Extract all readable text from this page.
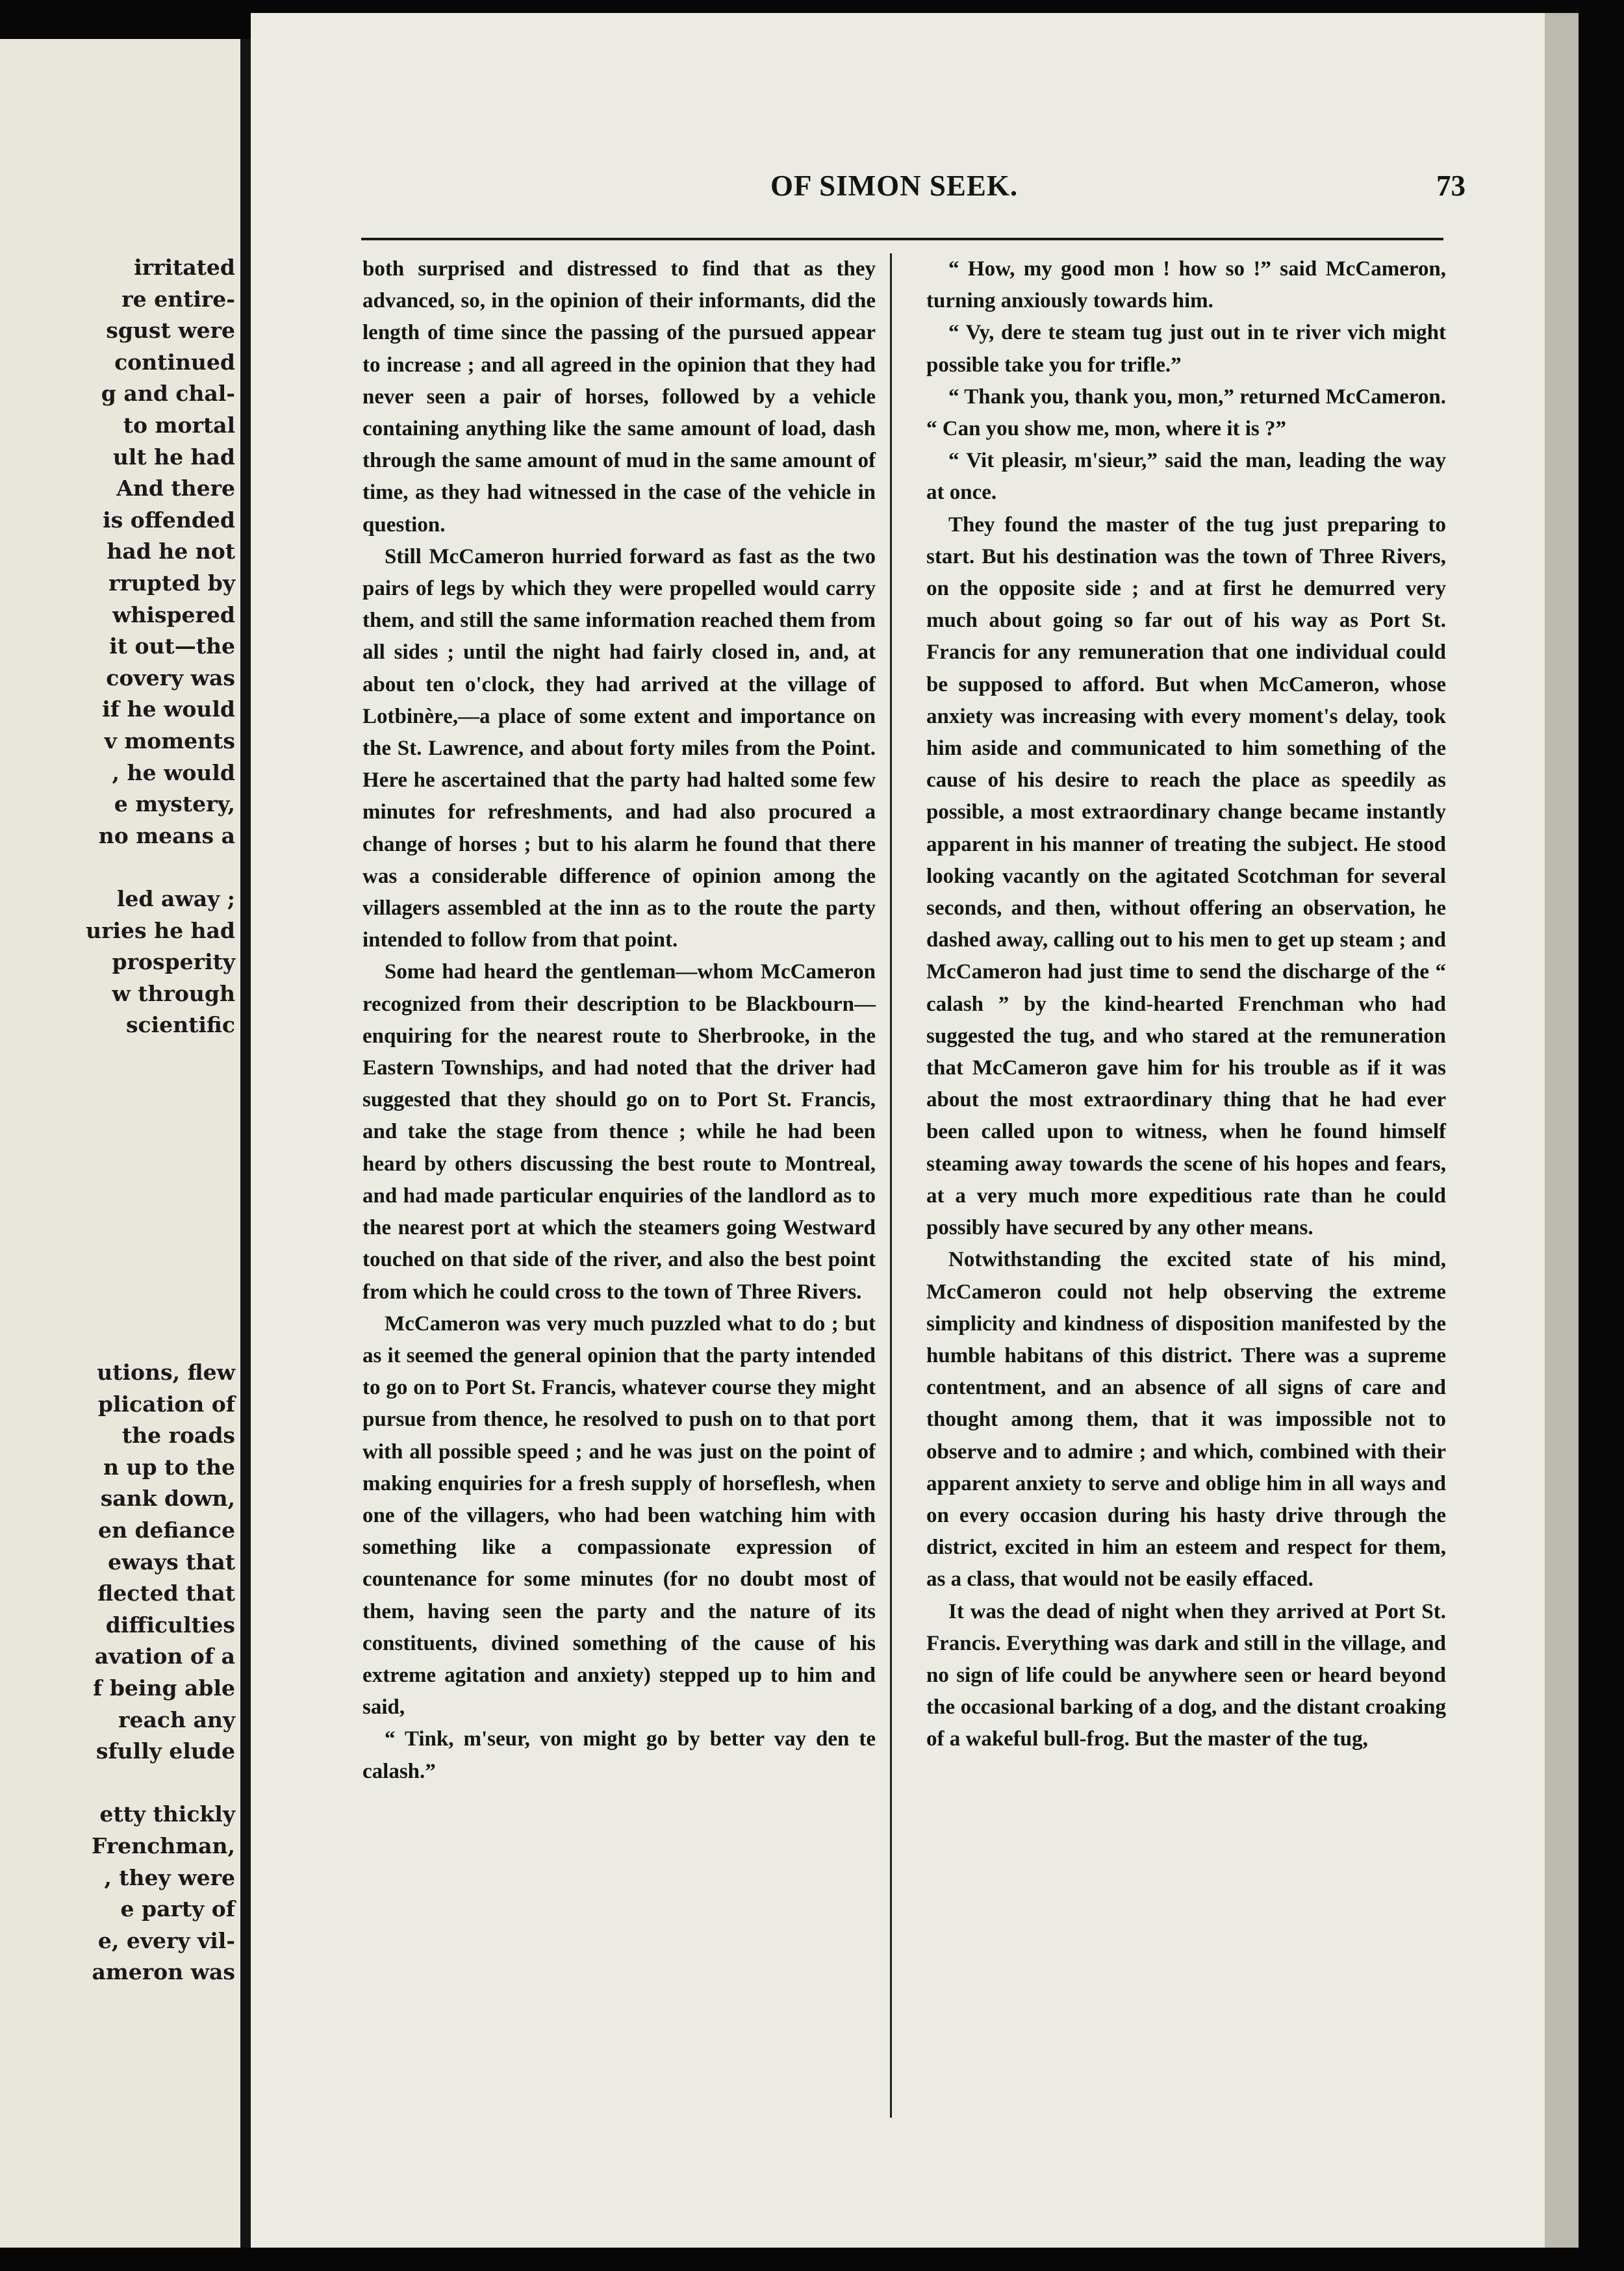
irritated

re entire-

sgust were

continued

g and chal-

to mortal

ult he had

And there

is offended

had he not

rrupted by

whispered

it out—the

covery was

if he would

v moments

, he would

e mystery,

no means a

led away ;

uries he had

prosperity

w through

scientific

utions, flew

plication of

the roads

n up to the

sank down,

en defiance

eways that

flected that

difficulties

avation of a

f being able

reach any

sfully elude

etty thickly

Frenchman,

, they were

e party of

e, every vil-

ameron was

OF SIMON SEEK.	73

both surprised and distressed to find that as they advanced, so, in the opinion of their informants, did the length of time since the passing of the pursued appear to increase ; and all agreed in the opinion that they had never seen a pair of horses, followed by a vehicle containing anything like the same amount of load, dash through the same amount of mud in the same amount of time, as they had witnessed in the case of the vehicle in question.

Still McCameron hurried forward as fast as the two pairs of legs by which they were propelled would carry them, and still the same information reached them from all sides ; until the night had fairly closed in, and, at about ten o'clock, they had arrived at the village of Lotbinère,—a place of some extent and importance on the St. Lawrence, and about forty miles from the Point. Here he ascertained that the party had halted some few minutes for refreshments, and had also procured a change of horses ; but to his alarm he found that there was a considerable difference of opinion among the villagers assembled at the inn as to the route the party intended to follow from that point.

Some had heard the gentleman—whom McCameron recognized from their description to be Blackbourn—enquiring for the nearest route to Sherbrooke, in the Eastern Townships, and had noted that the driver had suggested that they should go on to Port St. Francis, and take the stage from thence ; while he had been heard by others discussing the best route to Montreal, and had made particular enquiries of the landlord as to the nearest port at which the steamers going Westward touched on that side of the river, and also the best point from which he could cross to the town of Three Rivers.

McCameron was very much puzzled what to do ; but as it seemed the general opinion that the party intended to go on to Port St. Francis, whatever course they might pursue from thence, he resolved to push on to that port with all possible speed ; and he was just on the point of making enquiries for a fresh supply of horseflesh, when one of the villagers, who had been watching him with something like a compassionate expression of countenance for some minutes (for no doubt most of them, having seen the party and the nature of its constituents, divined something of the cause of his extreme agitation and anxiety) stepped up to him and said,

“ Tink, m'seur, von might go by better vay den te calash.”

“ How, my good mon ! how so !” said McCameron, turning anxiously towards him.

“ Vy, dere te steam tug just out in te river vich might possible take you for trifle.”

“ Thank you, thank you, mon,” returned McCameron. “ Can you show me, mon, where it is ?”

“ Vit pleasir, m'sieur,” said the man, leading the way at once.

They found the master of the tug just preparing to start. But his destination was the town of Three Rivers, on the opposite side ; and at first he demurred very much about going so far out of his way as Port St. Francis for any remuneration that one individual could be supposed to afford. But when McCameron, whose anxiety was increasing with every moment's delay, took him aside and communicated to him something of the cause of his desire to reach the place as speedily as possible, a most extraordinary change became instantly apparent in his manner of treating the subject. He stood looking vacantly on the agitated Scotchman for several seconds, and then, without offering an observation, he dashed away, calling out to his men to get up steam ; and McCameron had just time to send the discharge of the “ calash ” by the kind-hearted Frenchman who had suggested the tug, and who stared at the remuneration that McCameron gave him for his trouble as if it was about the most extraordinary thing that he had ever been called upon to witness, when he found himself steaming away towards the scene of his hopes and fears, at a very much more expeditious rate than he could possibly have secured by any other means.

Notwithstanding the excited state of his mind, McCameron could not help observing the extreme simplicity and kindness of disposition manifested by the humble habitans of this district. There was a supreme contentment, and an absence of all signs of care and thought among them, that it was impossible not to observe and to admire ; and which, combined with their apparent anxiety to serve and oblige him in all ways and on every occasion during his hasty drive through the district, excited in him an esteem and respect for them, as a class, that would not be easily effaced.

It was the dead of night when they arrived at Port St. Francis. Everything was dark and still in the village, and no sign of life could be anywhere seen or heard beyond the occasional barking of a dog, and the distant croaking of a wakeful bull-frog. But the master of the tug,
